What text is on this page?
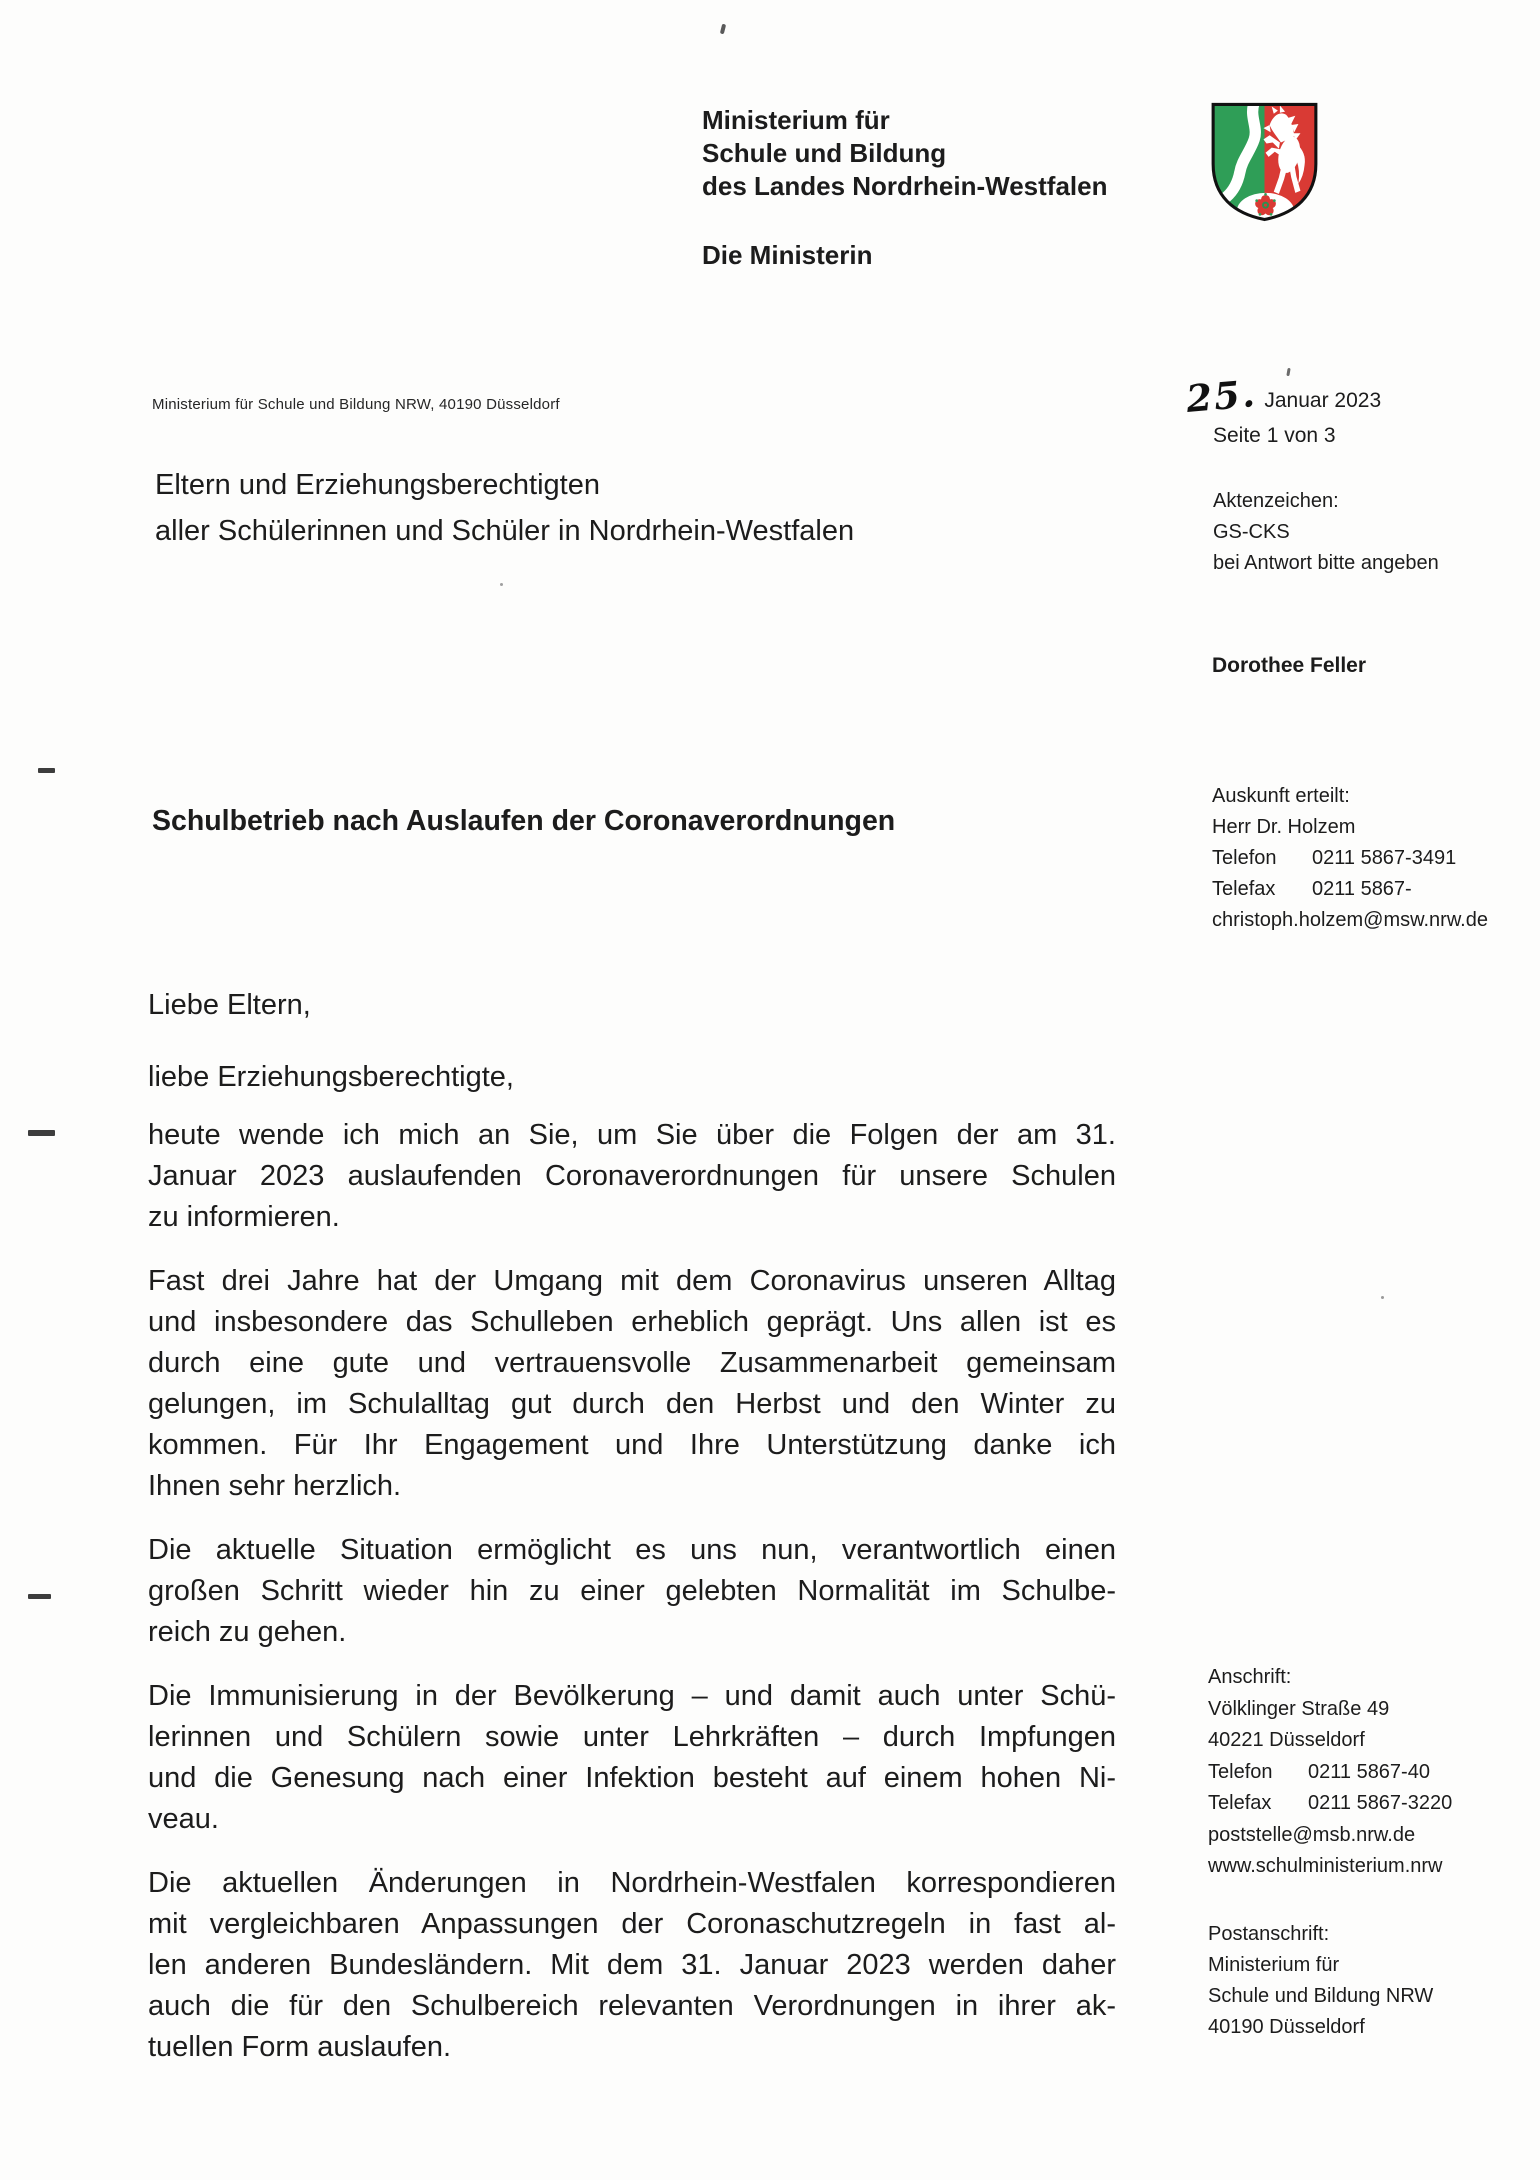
Ministerium für
Schule und Bildung
des Landes Nordrhein-Westfalen
Die Ministerin
Ministerium für Schule und Bildung NRW, 40190 Düsseldorf
Eltern und Erziehungsberechtigten
aller Schülerinnen und Schüler in Nordrhein-Westfalen
25. Januar 2023
Seite 1 von 3
Aktenzeichen:
GS-CKS
bei Antwort bitte angeben
Dorothee Feller
Auskunft erteilt:
Herr Dr. Holzem
Telefon	0211 5867-3491
Telefax	0211 5867-
christoph.holzem@msw.nrw.de
Schulbetrieb nach Auslaufen der Coronaverordnungen
Liebe Eltern,
liebe Erziehungsberechtigte,
heute wende ich mich an Sie, um Sie über die Folgen der am 31.
Januar 2023 auslaufenden Coronaverordnungen für unsere Schulen
zu informieren.
Fast drei Jahre hat der Umgang mit dem Coronavirus unseren Alltag
und insbesondere das Schulleben erheblich geprägt. Uns allen ist es
durch eine gute und vertrauensvolle Zusammenarbeit gemeinsam
gelungen, im Schulalltag gut durch den Herbst und den Winter zu
kommen. Für Ihr Engagement und Ihre Unterstützung danke ich
Ihnen sehr herzlich.
Die aktuelle Situation ermöglicht es uns nun, verantwortlich einen
großen Schritt wieder hin zu einer gelebten Normalität im Schulbe-
reich zu gehen.
Die Immunisierung in der Bevölkerung – und damit auch unter Schü-
lerinnen und Schülern sowie unter Lehrkräften – durch Impfungen
und die Genesung nach einer Infektion besteht auf einem hohen Ni-
veau.
Die aktuellen Änderungen in Nordrhein-Westfalen korrespondieren
mit vergleichbaren Anpassungen der Coronaschutzregeln in fast al-
len anderen Bundesländern. Mit dem 31. Januar 2023 werden daher
auch die für den Schulbereich relevanten Verordnungen in ihrer ak-
tuellen Form auslaufen.
Anschrift:
Völklinger Straße 49
40221 Düsseldorf
Telefon	0211 5867-40
Telefax	0211 5867-3220
poststelle@msb.nrw.de
www.schulministerium.nrw
Postanschrift:
Ministerium für
Schule und Bildung NRW
40190 Düsseldorf
